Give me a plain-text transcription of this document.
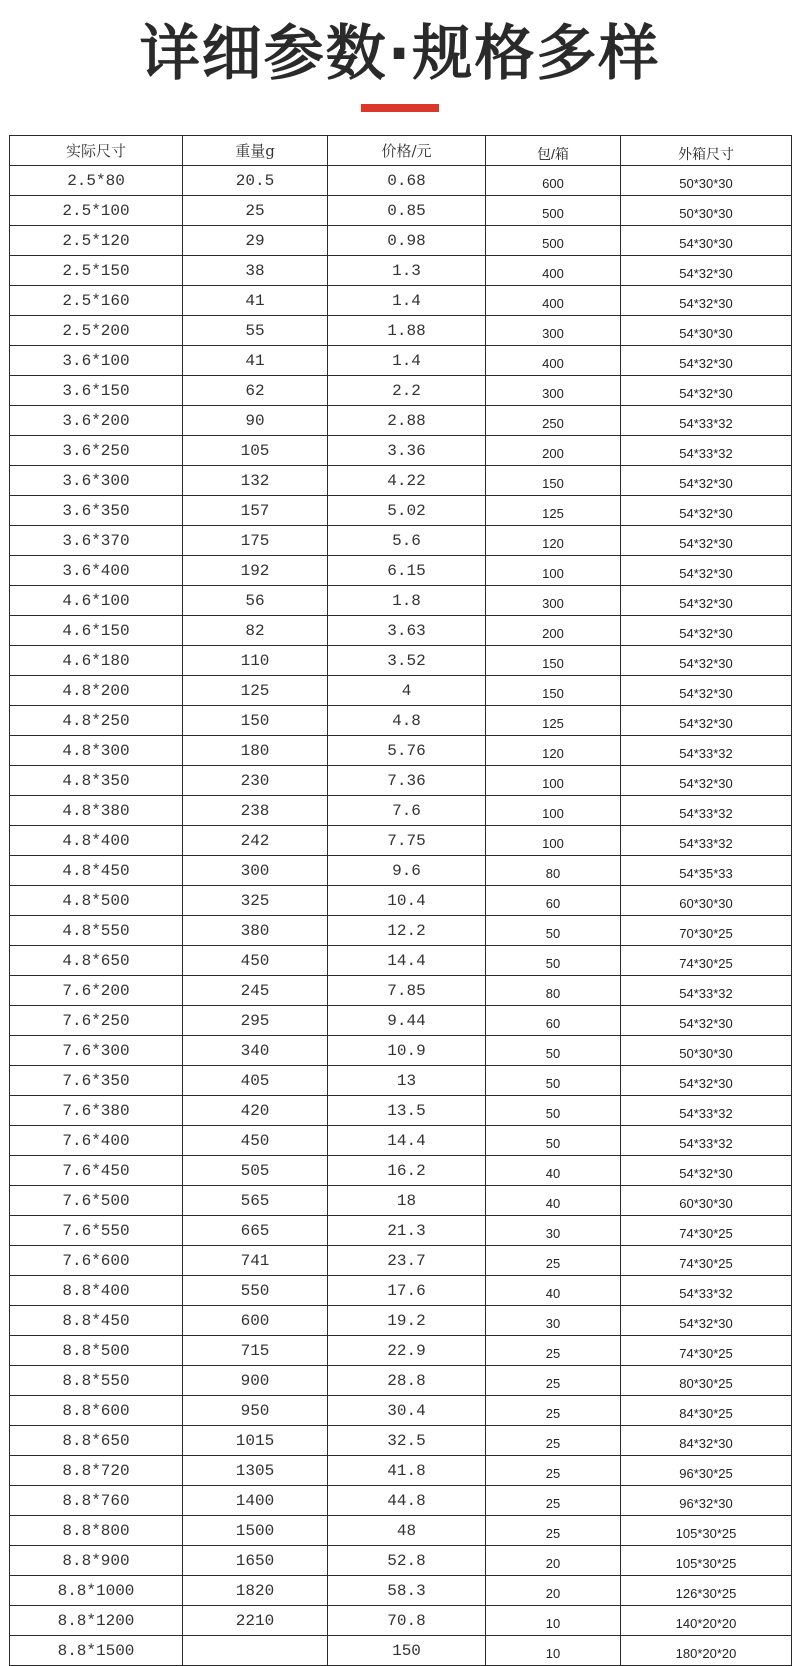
详细参数·规格多样
实际尺寸	重量g	价格/元	包/箱	外箱尺寸
2.5*80	20.5	0.68	600	50*30*30
2.5*100	25	0.85	500	50*30*30
2.5*120	29	0.98	500	54*30*30
2.5*150	38	1.3	400	54*32*30
2.5*160	41	1.4	400	54*32*30
2.5*200	55	1.88	300	54*30*30
3.6*100	41	1.4	400	54*32*30
3.6*150	62	2.2	300	54*32*30
3.6*200	90	2.88	250	54*33*32
3.6*250	105	3.36	200	54*33*32
3.6*300	132	4.22	150	54*32*30
3.6*350	157	5.02	125	54*32*30
3.6*370	175	5.6	120	54*32*30
3.6*400	192	6.15	100	54*32*30
4.6*100	56	1.8	300	54*32*30
4.6*150	82	3.63	200	54*32*30
4.6*180	110	3.52	150	54*32*30
4.8*200	125	4	150	54*32*30
4.8*250	150	4.8	125	54*32*30
4.8*300	180	5.76	120	54*33*32
4.8*350	230	7.36	100	54*32*30
4.8*380	238	7.6	100	54*33*32
4.8*400	242	7.75	100	54*33*32
4.8*450	300	9.6	80	54*35*33
4.8*500	325	10.4	60	60*30*30
4.8*550	380	12.2	50	70*30*25
4.8*650	450	14.4	50	74*30*25
7.6*200	245	7.85	80	54*33*32
7.6*250	295	9.44	60	54*32*30
7.6*300	340	10.9	50	50*30*30
7.6*350	405	13	50	54*32*30
7.6*380	420	13.5	50	54*33*32
7.6*400	450	14.4	50	54*33*32
7.6*450	505	16.2	40	54*32*30
7.6*500	565	18	40	60*30*30
7.6*550	665	21.3	30	74*30*25
7.6*600	741	23.7	25	74*30*25
8.8*400	550	17.6	40	54*33*32
8.8*450	600	19.2	30	54*32*30
8.8*500	715	22.9	25	74*30*25
8.8*550	900	28.8	25	80*30*25
8.8*600	950	30.4	25	84*30*25
8.8*650	1015	32.5	25	84*32*30
8.8*720	1305	41.8	25	96*30*25
8.8*760	1400	44.8	25	96*32*30
8.8*800	1500	48	25	105*30*25
8.8*900	1650	52.8	20	105*30*25
8.8*1000	1820	58.3	20	126*30*25
8.8*1200	2210	70.8	10	140*20*20
8.8*1500		150	10	180*20*20
